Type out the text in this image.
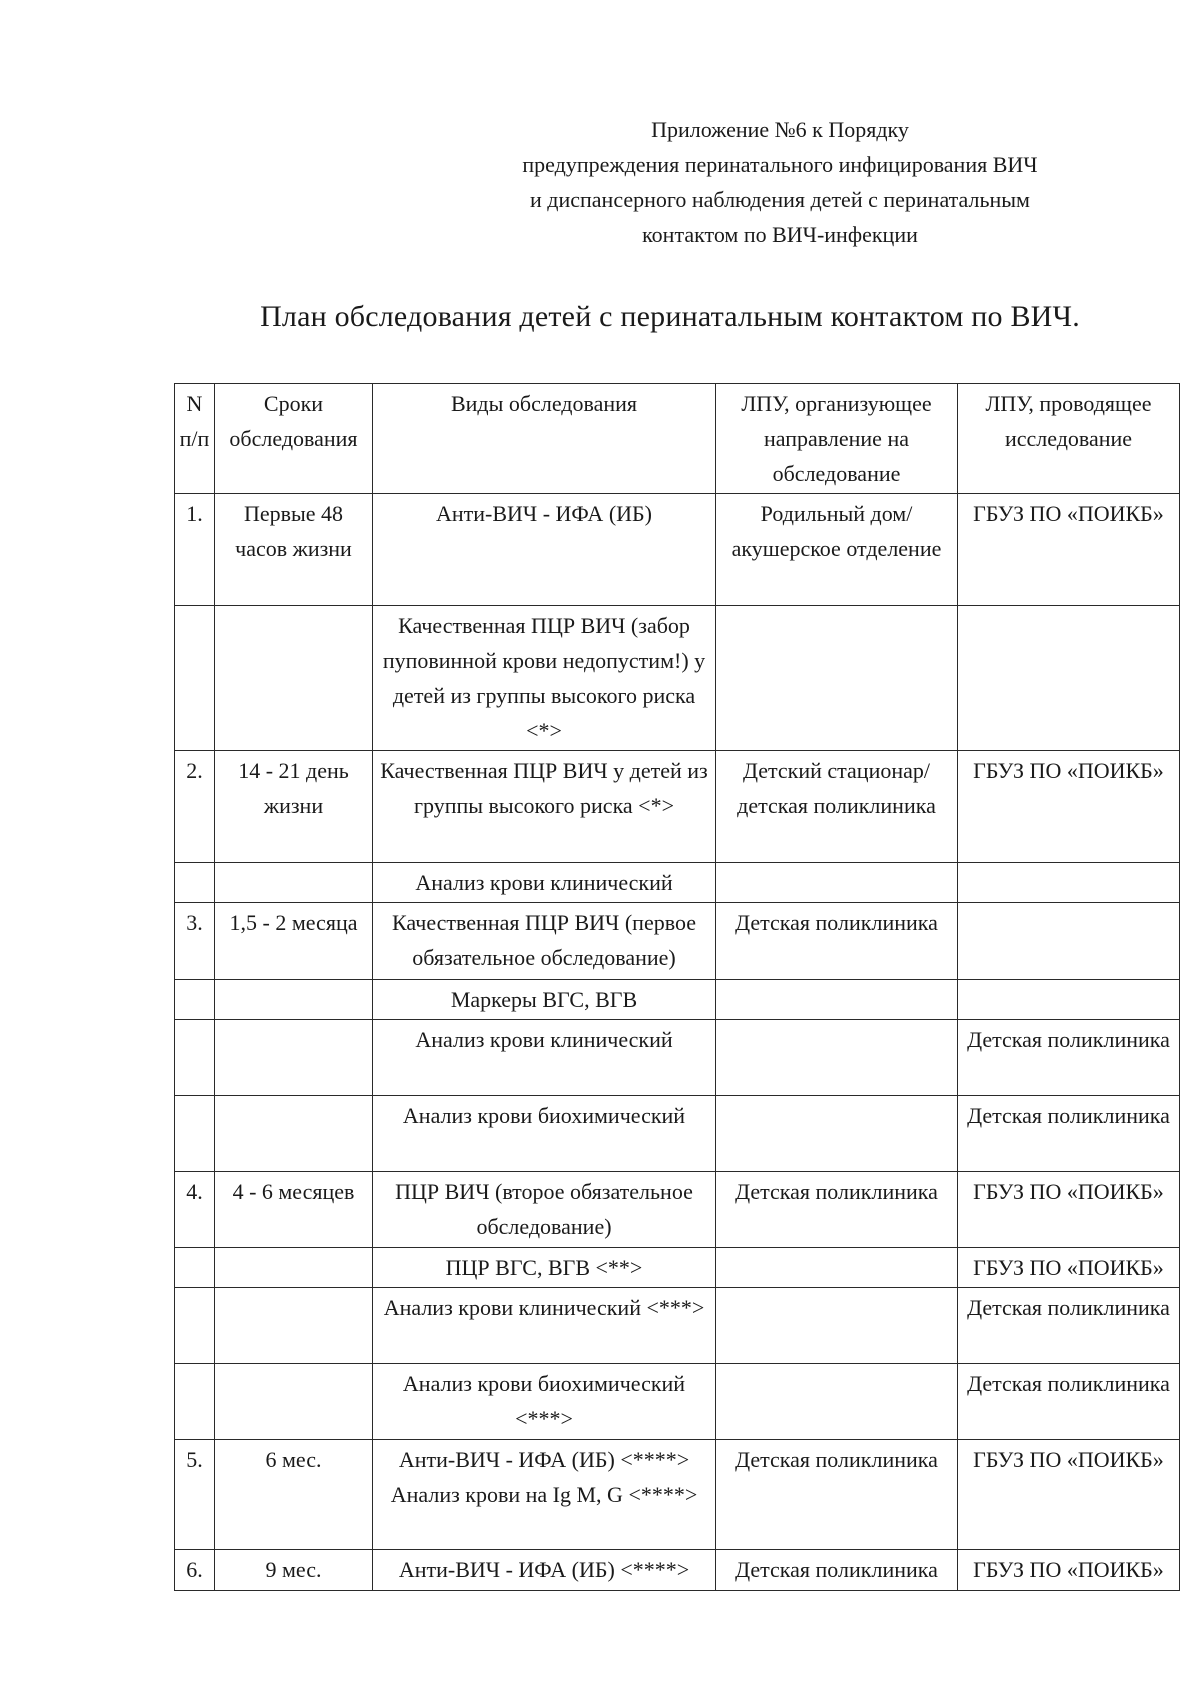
Приложение №6 к Порядку
предупреждения перинатального инфицирования ВИЧ
и диспансерного наблюдения детей с перинатальным
контактом по ВИЧ-инфекции
План обследования детей с перинатальным контактом по ВИЧ.
N п/п	Сроки обследования	Виды обследования	ЛПУ, организующее направление на обследование	ЛПУ, проводящее исследование
1.	Первые 48 часов жизни	Анти-ВИЧ - ИФА (ИБ)	Родильный дом/акушерское отделение	ГБУЗ ПО «ПОИКБ»
		Качественная ПЦР ВИЧ (забор пуповинной крови недопустим!) у детей из группы высокого риска <*>		
2.	14 - 21 день жизни	Качественная ПЦР ВИЧ у детей из группы высокого риска <*>	Детский стационар/детская поликлиника	ГБУЗ ПО «ПОИКБ»
		Анализ крови клинический		
3.	1,5 - 2 месяца	Качественная ПЦР ВИЧ (первое обязательное обследование)	Детская поликлиника	
		Маркеры ВГС, ВГВ		
		Анализ крови клинический		Детская поликлиника
		Анализ крови биохимический		Детская поликлиника
4.	4 - 6 месяцев	ПЦР ВИЧ (второе обязательное обследование)	Детская поликлиника	ГБУЗ ПО «ПОИКБ»
		ПЦР ВГС, ВГВ <**>		ГБУЗ ПО «ПОИКБ»
		Анализ крови клинический <***>		Детская поликлиника
		Анализ крови биохимический <***>		Детская поликлиника
5.	6 мес.	Анти-ВИЧ - ИФА (ИБ) <****> Анализ крови на Ig M, G <****>	Детская поликлиника	ГБУЗ ПО «ПОИКБ»
6.	9 мес.	Анти-ВИЧ - ИФА (ИБ) <****>	Детская поликлиника	ГБУЗ ПО «ПОИКБ»
